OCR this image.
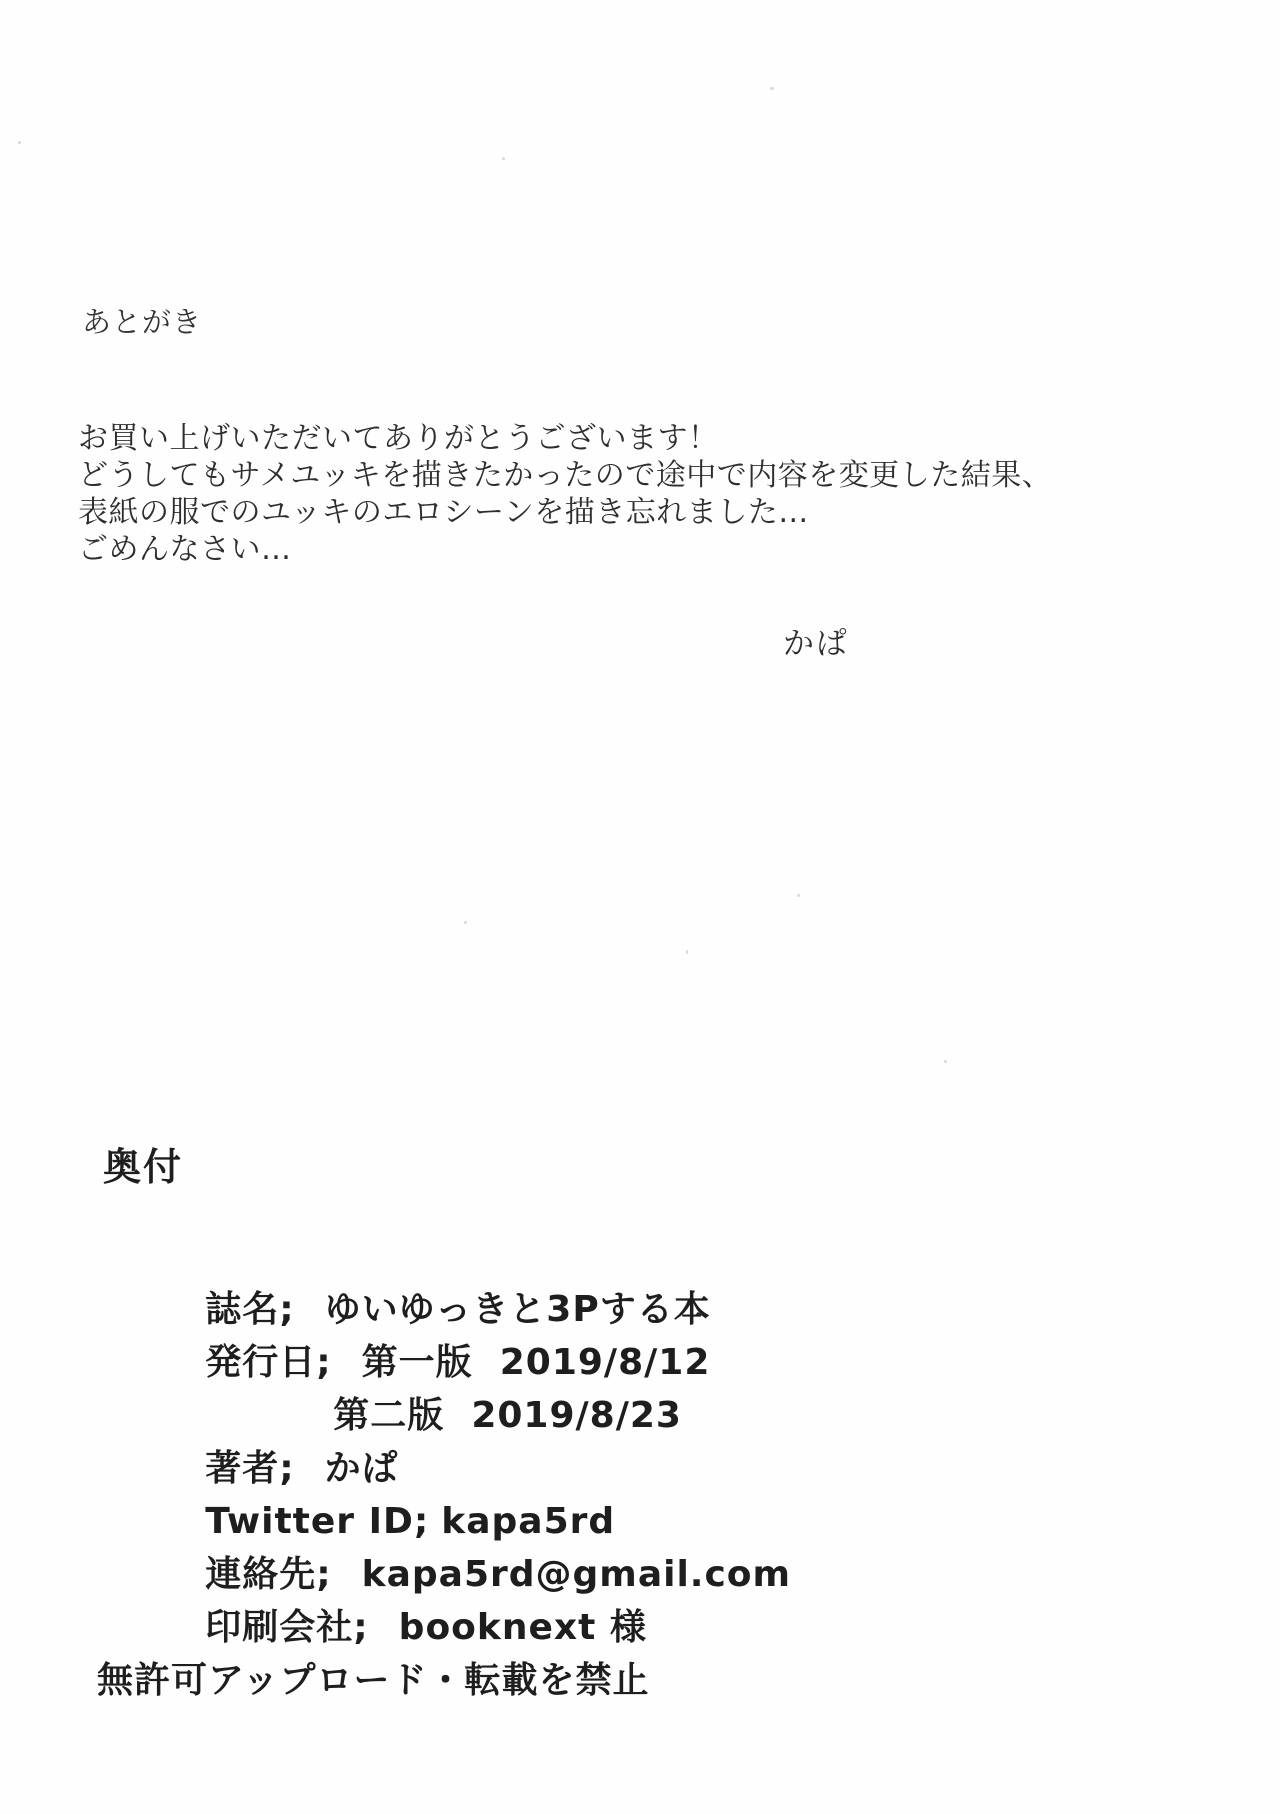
あとがき

お買い上げいただいてありがとうございます！

どうしてもサメユッキを描きたかったので途中で内容を変更した結果、

表紙の服でのユッキのエロシーンを描き忘れました…

ごめんなさい…

かぱ
奥付

誌名; ゆいゆっきと3Pする本

発行日; 第一版  2019/8/12

第二版  2019/8/23

著者; かぱ

Twitter ID; kapa5rd

連絡先; kapa5rd@gmail.com

印刷会社; booknext 様

無許可アップロード・転載を禁止
